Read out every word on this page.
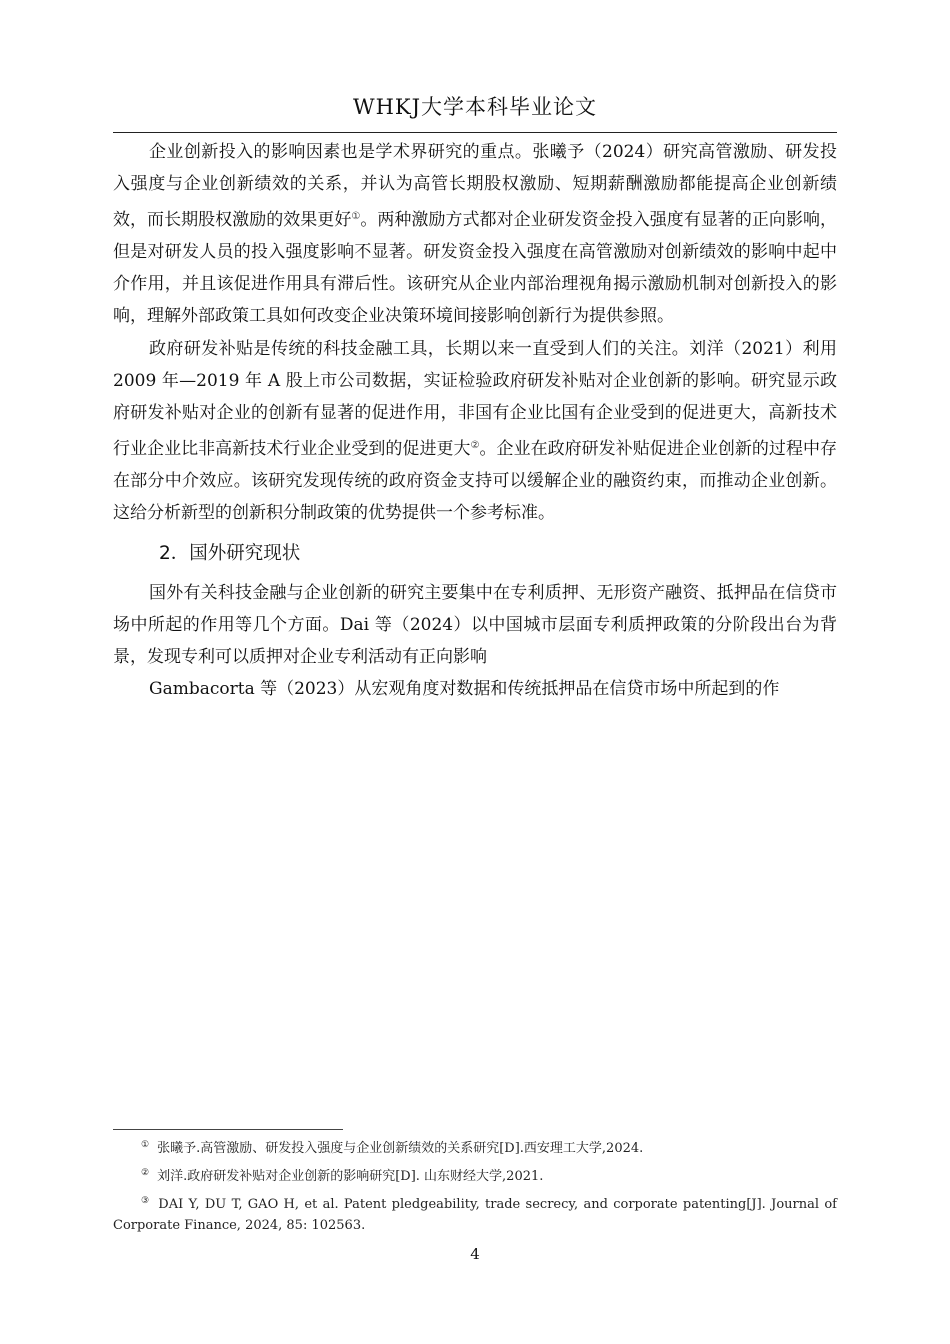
WHKJ大学本科毕业论文

企业创新投入的影响因素也是学术界研究的重点。张曦予（2024）研究高管激励、研发投入强度与企业创新绩效的关系，并认为高管长期股权激励、短期薪酬激励都能提高企业创新绩效，而长期股权激励的效果更好①。两种激励方式都对企业研发资金投入强度有显著的正向影响，但是对研发人员的投入强度影响不显著。研发资金投入强度在高管激励对创新绩效的影响中起中介作用，并且该促进作用具有滞后性。该研究从企业内部治理视角揭示激励机制对创新投入的影响，理解外部政策工具如何改变企业决策环境间接影响创新行为提供参照。

政府研发补贴是传统的科技金融工具，长期以来一直受到人们的关注。刘洋（2021）利用 2009 年—2019 年 A 股上市公司数据，实证检验政府研发补贴对企业创新的影响。研究显示政府研发补贴对企业的创新有显著的促进作用，非国有企业比国有企业受到的促进更大，高新技术行业企业比非高新技术行业企业受到的促进更大②。企业在政府研发补贴促进企业创新的过程中存在部分中介效应。该研究发现传统的政府资金支持可以缓解企业的融资约束，而推动企业创新。这给分析新型的创新积分制政策的优势提供一个参考标准。

2．国外研究现状

国外有关科技金融与企业创新的研究主要集中在专利质押、无形资产融资、抵押品在信贷市场中所起的作用等几个方面。Dai 等（2024）以中国城市层面专利质押政策的分阶段出台为背景，发现专利可以质押对企业专利活动有正向影响

Gambacorta 等（2023）从宏观角度对数据和传统抵押品在信贷市场中所起到的作

① 张曦予.高管激励、研发投入强度与企业创新绩效的关系研究[D].西安理工大学,2024.
② 刘洋.政府研发补贴对企业创新的影响研究[D]. 山东财经大学,2021.
③ DAI Y, DU T, GAO H, et al. Patent pledgeability, trade secrecy, and corporate patenting[J]. Journal of Corporate Finance, 2024, 85: 102563.
4
